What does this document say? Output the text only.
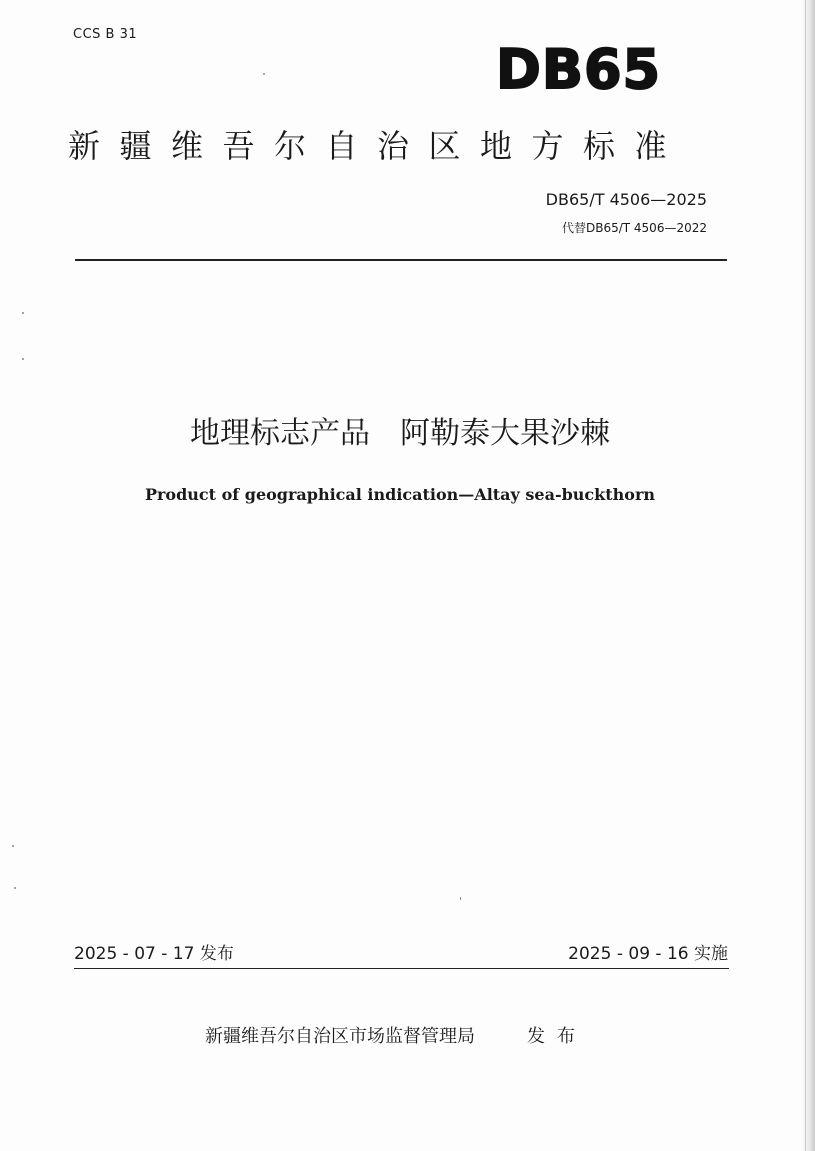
CCS B 31
DB65
新疆维吾尔自治区地方标准
DB65/T 4506—2025
代替DB65/T 4506—2022
地理标志产品　阿勒泰大果沙棘
Product of geographical indication—Altay sea-buckthorn
2025 - 07 - 17 发布	2025 - 09 - 16 实施
新疆维吾尔自治区市场监督管理局	发布
